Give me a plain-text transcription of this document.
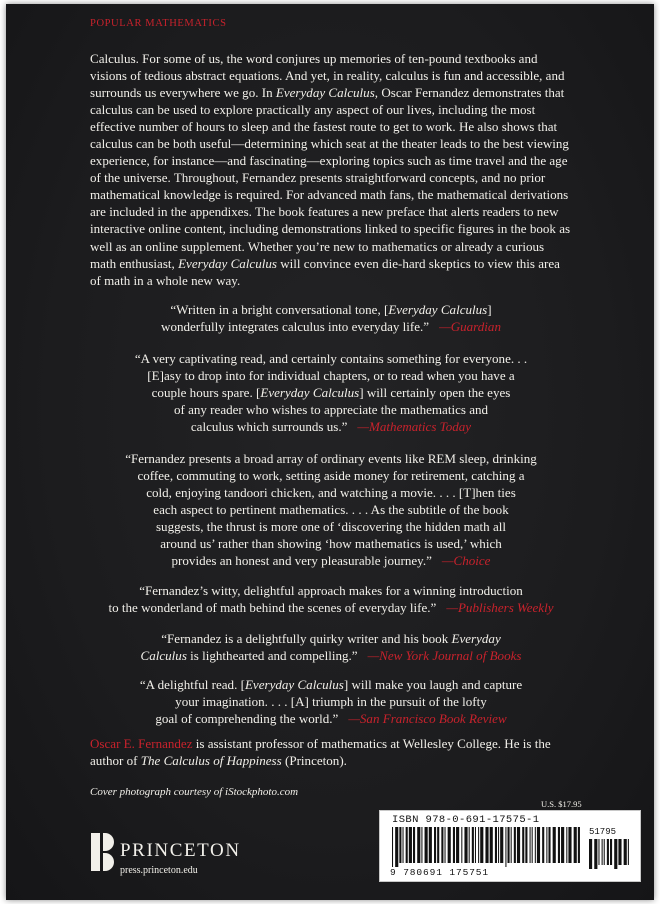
POPULAR MATHEMATICS

Calculus. For some of us, the word conjures up memories of ten-pound textbooks and visions of tedious abstract equations. And yet, in reality, calculus is fun and accessible, and surrounds us everywhere we go. In Everyday Calculus, Oscar Fernandez demonstrates that calculus can be used to explore practically any aspect of our lives, including the most effective number of hours to sleep and the fastest route to get to work. He also shows that calculus can be both useful—determining which seat at the theater leads to the best viewing experience, for instance—and fascinating—exploring topics such as time travel and the age of the universe. Throughout, Fernandez presents straightforward concepts, and no prior mathematical knowledge is required. For advanced math fans, the mathematical derivations are included in the appendixes. The book features a new preface that alerts readers to new interactive online content, including demonstrations linked to specific figures in the book as well as an online supplement. Whether you’re new to mathematics or already a curious math enthusiast, Everyday Calculus will convince even die-hard skeptics to view this area of math in a whole new way.

“Written in a bright conversational tone, [Everyday Calculus]
wonderfully integrates calculus into everyday life.” —Guardian

“A very captivating read, and certainly contains something for everyone. . .
[E]asy to drop into for individual chapters, or to read when you have a
couple hours spare. [Everyday Calculus] will certainly open the eyes
of any reader who wishes to appreciate the mathematics and
calculus which surrounds us.” —Mathematics Today

“Fernandez presents a broad array of ordinary events like REM sleep, drinking
coffee, commuting to work, setting aside money for retirement, catching a
cold, enjoying tandoori chicken, and watching a movie. . . . [T]hen ties
each aspect to pertinent mathematics. . . . As the subtitle of the book
suggests, the thrust is more one of ‘discovering the hidden math all
around us’ rather than showing ‘how mathematics is used,’ which
provides an honest and very pleasurable journey.” —Choice

“Fernandez’s witty, delightful approach makes for a winning introduction
to the wonderland of math behind the scenes of everyday life.” —Publishers Weekly

“Fernandez is a delightfully quirky writer and his book Everyday
Calculus is lighthearted and compelling.” —New York Journal of Books

“A delightful read. [Everyday Calculus] will make you laugh and capture
your imagination. . . . [A] triumph in the pursuit of the lofty
goal of comprehending the world.” —San Francisco Book Review

Oscar E. Fernandez is assistant professor of mathematics at Wellesley College. He is the author of The Calculus of Happiness (Princeton).

Cover photograph courtesy of iStockphoto.com
U.S. $17.95
PRINCETON
press.princeton.edu
ISBN 978-0-691-17575-1
51795
9 780691 175751
